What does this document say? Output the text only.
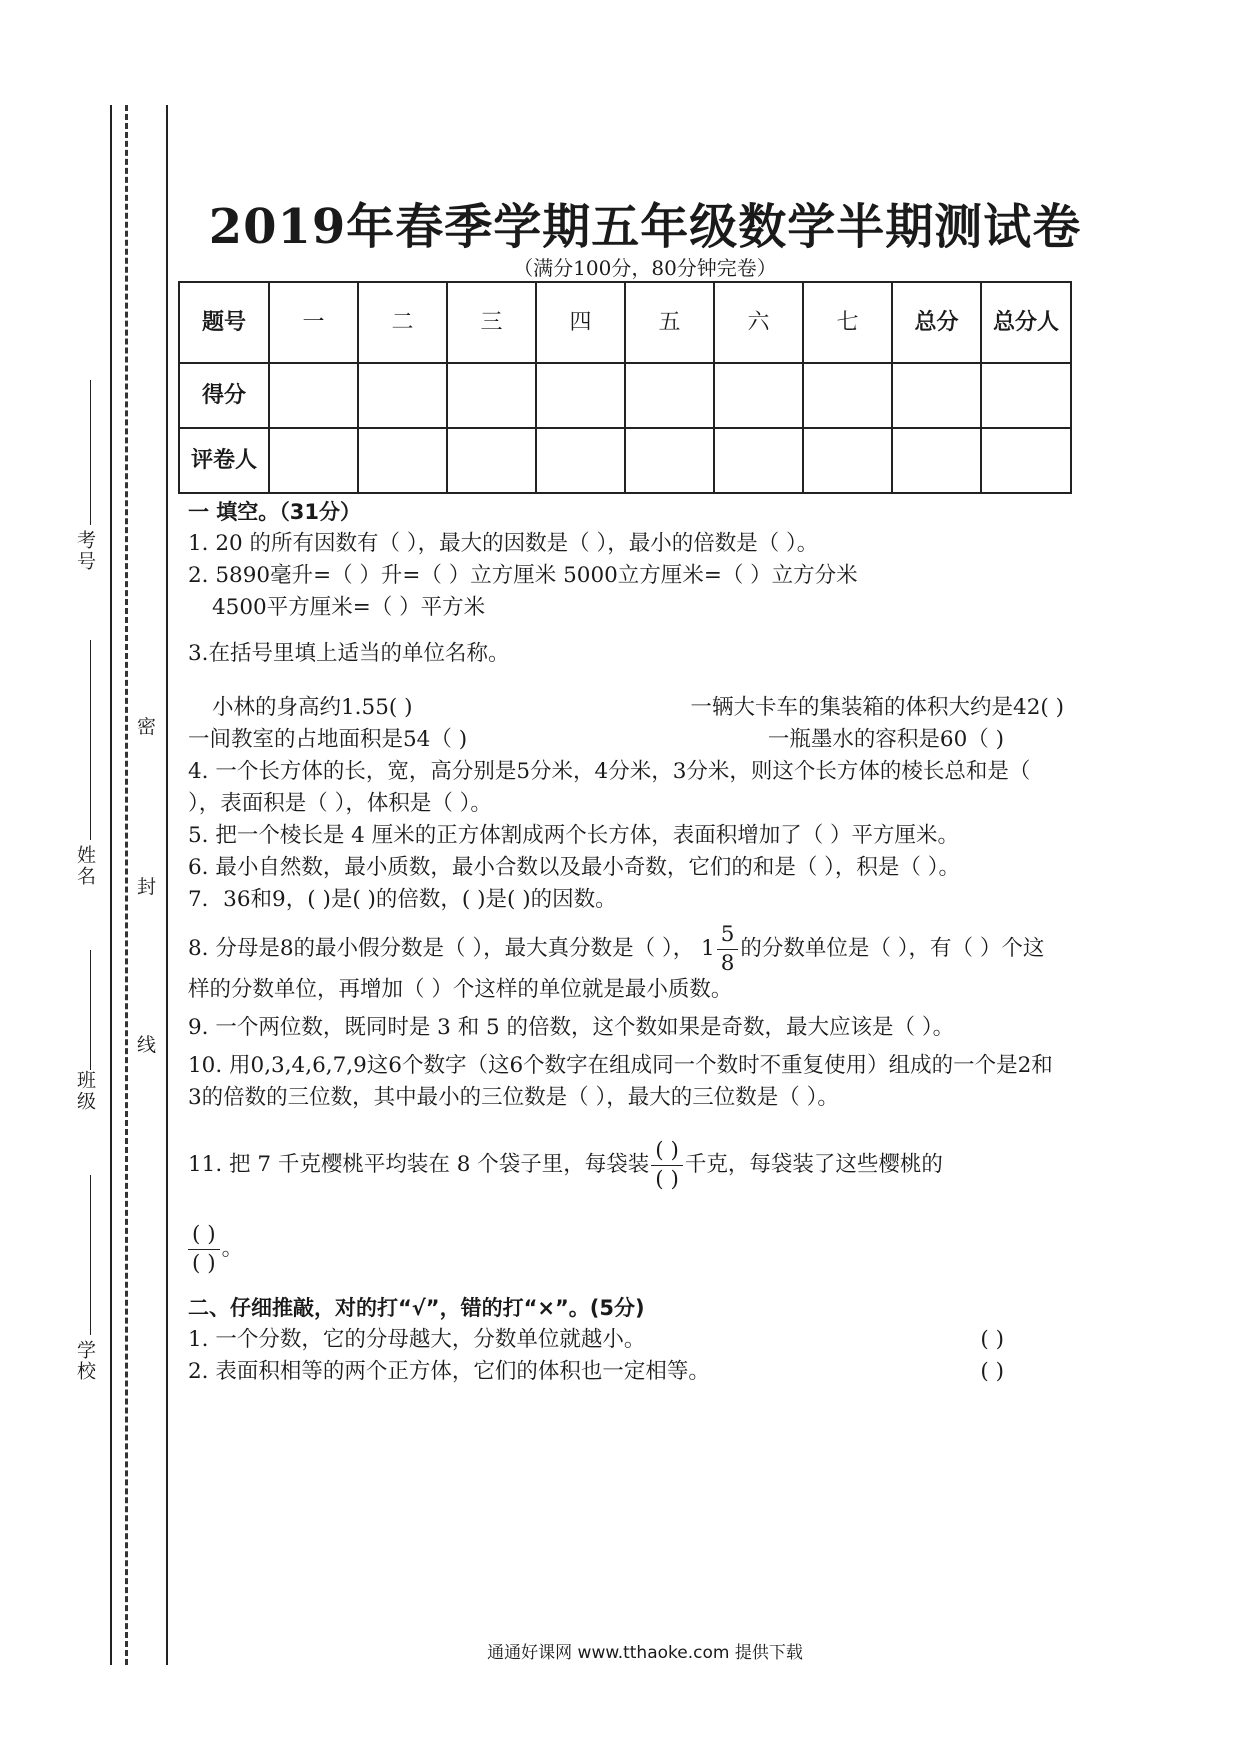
考号
姓名
班级
学校
密
封
线
2019年春季学期五年级数学半期测试卷
（满分100分，80分钟完卷）
题号	一	二	三	四	五	六	七	总分	总分人
得分									
评卷人									

一 填空。（31分）

1. 20 的所有因数有（ ），最大的因数是（ ），最小的倍数是（ ）。

2. 5890毫升=（ ）升=（ ）立方厘米 5000立方厘米=（ ）立方分米

4500平方厘米=（ ）平方米

3.在括号里填上适当的单位名称。

小林的身高约1.55( )	一辆大卡车的集装箱的体积大约是42( )
一间教室的占地面积是54（ )	一瓶墨水的容积是60（ )

4. 一个长方体的长，宽，高分别是5分米，4分米，3分米，则这个长方体的棱长总和是（ ），表面积是（ ），体积是（ ）。

5. 把一个棱长是 4 厘米的正方体割成两个长方体，表面积增加了（ ）平方厘米。

6. 最小自然数，最小质数，最小合数以及最小奇数，它们的和是（ ），积是（ ）。

7．36和9，( )是( )的倍数，( )是( )的因数。

8. 分母是8的最小假分数是（ ），最大真分数是（ ）， $1 \frac{5}{8}$ 的分数单位是（ ），有（ ）个这样的分数单位，再增加（ ）个这样的单位就是最小质数。

9. 一个两位数，既同时是 3 和 5 的倍数，这个数如果是奇数，最大应该是（ ）。

10. 用0,3,4,6,7,9这6个数字（这6个数字在组成同一个数时不重复使用）组成的一个是2和3的倍数的三位数，其中最小的三位数是（ ），最大的三位数是（ ）。

11. 把 7 千克樱桃平均装在 8 个袋子里，每袋装 $\frac{( )}{( )}$ 千克，每袋装了这些樱桃的

$\frac{( )}{( )}$ 。

二、仔细推敲，对的打“√”，错的打“×”。(5分)

1. 一个分数，它的分母越大，分数单位就越小。	( )
2. 表面积相等的两个正方体，它们的体积也一定相等。	( )
通通好课网 www.tthaoke.com 提供下载
